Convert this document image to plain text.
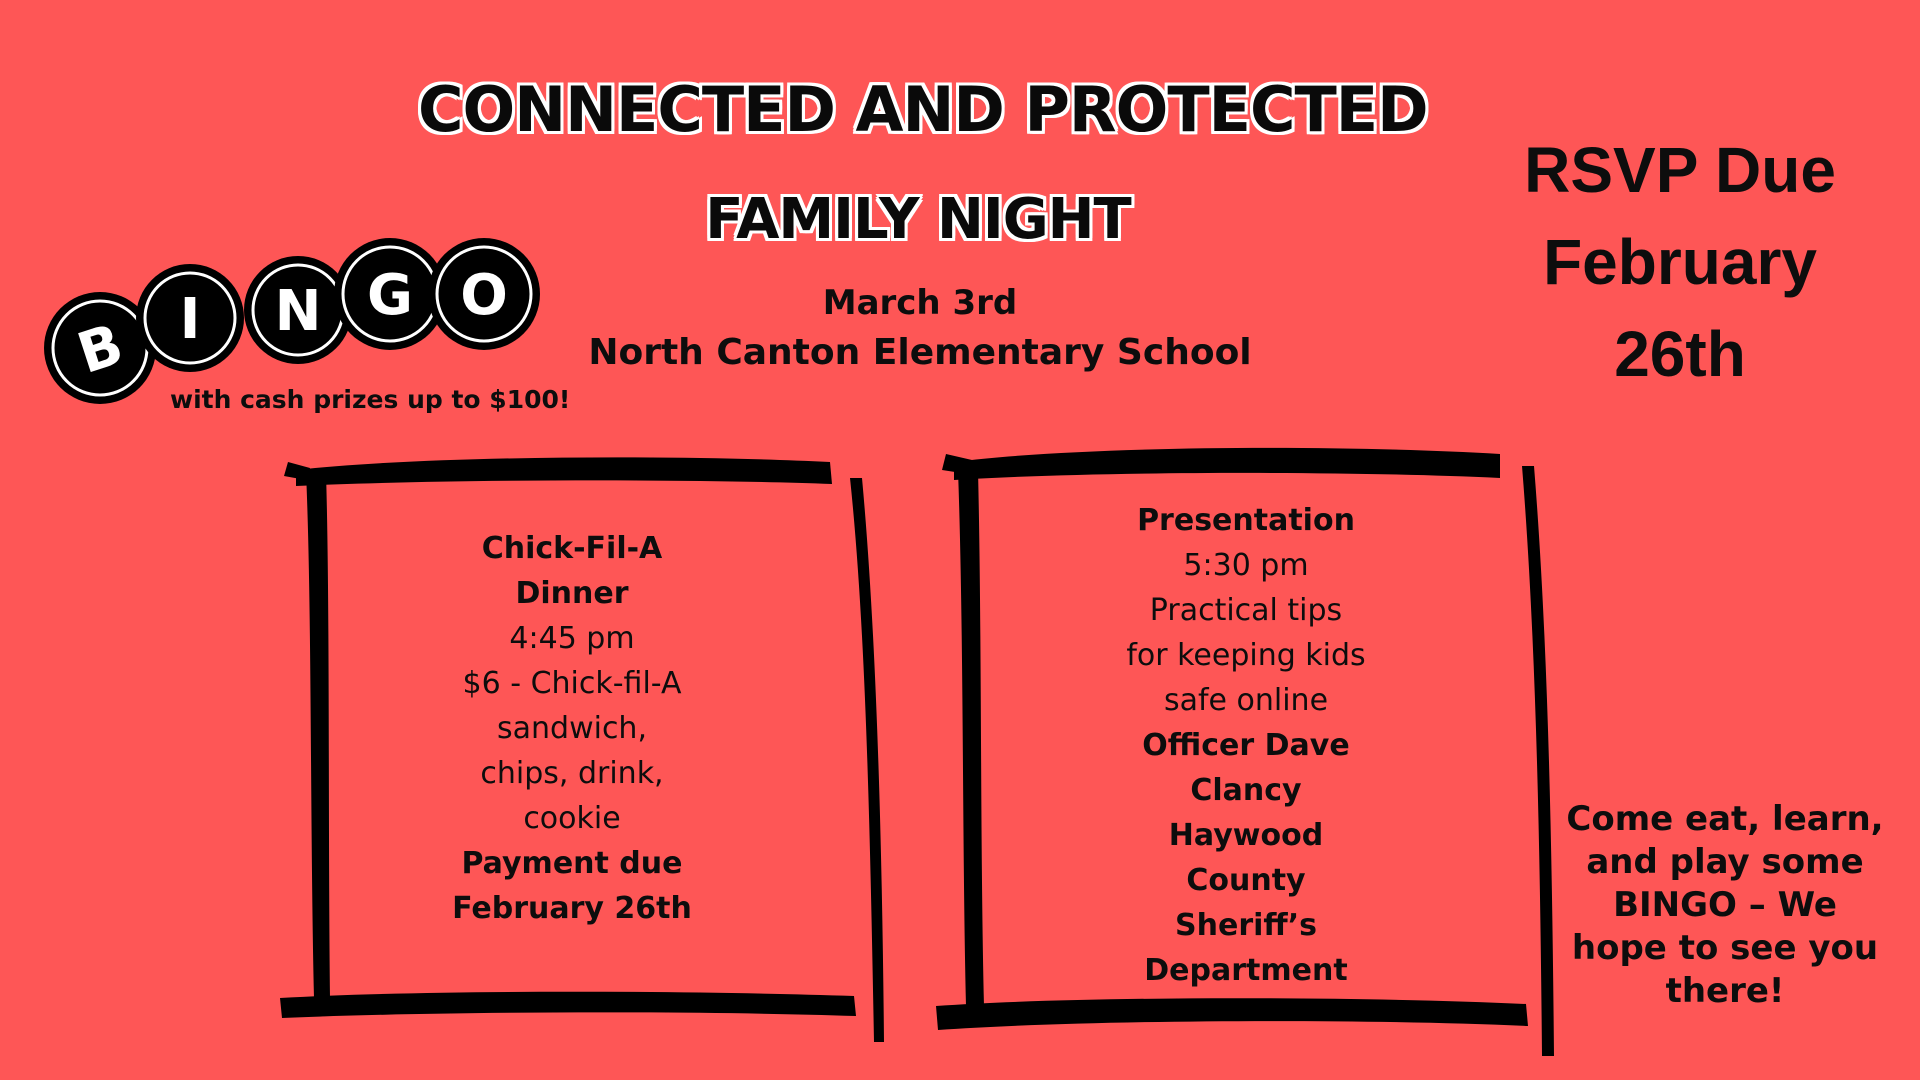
CONNECTED AND PROTECTED
FAMILY NIGHT
March 3rd
North Canton Elementary School
RSVP Due
February
26th
B I N G O
with cash prizes up to $100!
Chick-Fil-A
Dinner
4:45 pm
$6 - Chick-fil-A
sandwich,
chips, drink,
cookie
Payment due
February 26th
Presentation
5:30 pm
Practical tips
for keeping kids
safe online
Officer Dave
Clancy
Haywood
County
Sheriff’s
Department
Come eat, learn,
and play some
BINGO – We
hope to see you
there!
